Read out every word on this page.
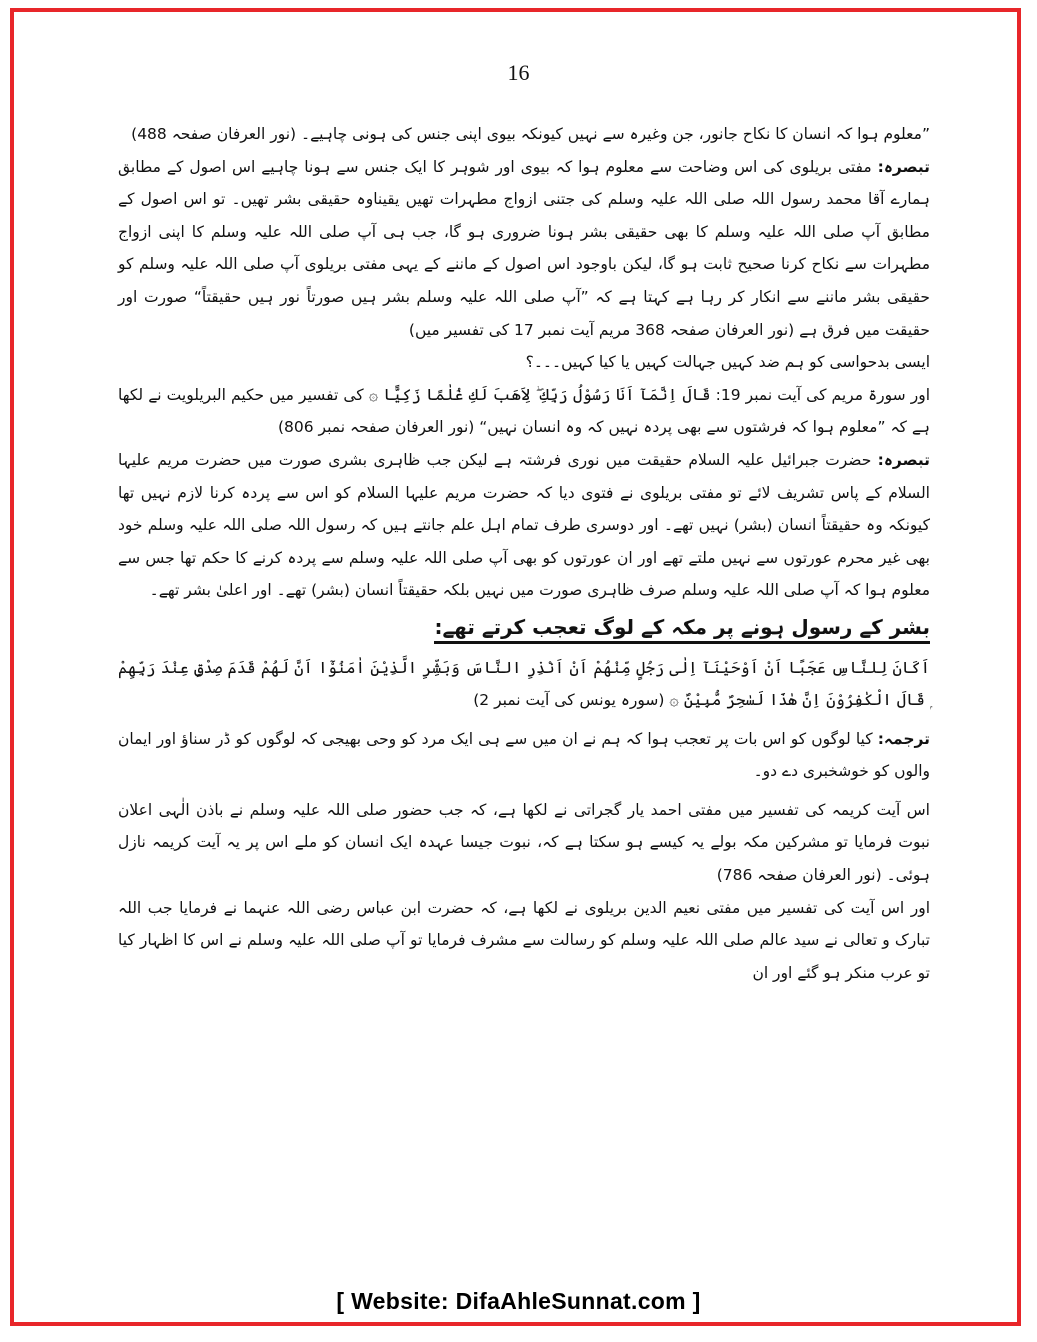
16

”معلوم ہوا کہ انسان کا نکاح جانور، جن وغیرہ سے نہیں کیونکہ بیوی اپنی جنس کی ہونی چاہیے۔ (نور العرفان صفحہ 488)

تبصرہ: مفتی بریلوی کی اس وضاحت سے معلوم ہوا کہ بیوی اور شوہر کا ایک جنس سے ہونا چاہیے اس اصول کے مطابق ہمارے آقا محمد رسول اللہ صلی اللہ علیہ وسلم کی جتنی ازواج مطہرات تھیں یقیناوہ حقیقی بشر تھیں۔ تو اس اصول کے مطابق آپ صلی اللہ علیہ وسلم کا بھی حقیقی بشر ہونا ضروری ہو گا، جب ہی آپ صلی اللہ علیہ وسلم کا اپنی ازواج مطہرات سے نکاح کرنا صحیح ثابت ہو گا، لیکن باوجود اس اصول کے ماننے کے یہی مفتی بریلوی آپ صلی اللہ علیہ وسلم کو حقیقی بشر ماننے سے انکار کر رہا ہے کہتا ہے کہ ”آپ صلی اللہ علیہ وسلم بشر ہیں صورتاً نور ہیں حقیقتاً“ صورت اور حقیقت میں فرق ہے (نور العرفان صفحہ 368 مریم آیت نمبر 17 کی تفسیر میں)

ایسی بدحواسی کو ہم ضد کہیں جہالت کہیں یا کیا کہیں۔۔۔؟

اور سورۃ مریم کی آیت نمبر 19: قَالَ اِنَّمَآ اَنَا رَسُوْلُ رَبِّكِ ۖ لِاَهَبَ لَكِ غُلٰمًا زَكِيًّا ۞ کی تفسیر میں حکیم البریلویت نے لکھا ہے کہ ”معلوم ہوا کہ فرشتوں سے بھی پردہ نہیں کہ وہ انسان نہیں“ (نور العرفان صفحہ نمبر 806)

تبصرہ: حضرت جبرائیل علیہ السلام حقیقت میں نوری فرشتہ ہے لیکن جب ظاہری بشری صورت میں حضرت مریم علیہا السلام کے پاس تشریف لائے تو مفتی بریلوی نے فتوی دیا کہ حضرت مریم علیہا السلام کو اس سے پردہ کرنا لازم نہیں تھا کیونکہ وہ حقیقتاً انسان (بشر) نہیں تھے۔ اور دوسری طرف تمام اہل علم جانتے ہیں کہ رسول اللہ صلی اللہ علیہ وسلم خود بھی غیر محرم عورتوں سے نہیں ملتے تھے اور ان عورتوں کو بھی آپ صلی اللہ علیہ وسلم سے پردہ کرنے کا حکم تھا جس سے معلوم ہوا کہ آپ صلی اللہ علیہ وسلم صرف ظاہری صورت میں نہیں بلکہ حقیقتاً انسان (بشر) تھے۔ اور اعلیٰ بشر تھے۔

بشر کے رسول ہونے پر مکہ کے لوگ تعجب کرتے تھے:

اَكَانَ لِلنَّاسِ عَجَبًا اَنْ اَوْحَيْنَآ اِلٰى رَجُلٍ مِّنْهُمْ اَنْ اَنْذِرِ النَّاسَ وَبَشِّرِ الَّذِيْنَ اٰمَنُوْٓا اَنَّ لَهُمْ قَدَمَ صِدْقٍ عِنْدَ رَبِّهِمْ ۭ قَالَ الْكٰفِرُوْنَ اِنَّ هٰذَا لَسٰحِرٌ مُّبِيْنٌ ۞ (سورہ یونس کی آیت نمبر 2)

ترجمہ: کیا لوگوں کو اس بات پر تعجب ہوا کہ ہم نے ان میں سے ہی ایک مرد کو وحی بھیجی کہ لوگوں کو ڈر سناؤ اور ایمان والوں کو خوشخبری دے دو۔

اس آیت کریمہ کی تفسیر میں مفتی احمد یار گجراتی نے لکھا ہے، کہ جب حضور صلی اللہ علیہ وسلم نے باذن الٰہی اعلان نبوت فرمایا تو مشرکین مکہ بولے یہ کیسے ہو سکتا ہے کہ، نبوت جیسا عہدہ ایک انسان کو ملے اس پر یہ آیت کریمہ نازل ہوئی۔ (نور العرفان صفحہ 786)

اور اس آیت کی تفسیر میں مفتی نعیم الدین بریلوی نے لکھا ہے، کہ حضرت ابن عباس رضی اللہ عنہما نے فرمایا جب اللہ تبارک و تعالی نے سید عالم صلی اللہ علیہ وسلم کو رسالت سے مشرف فرمایا تو آپ صلی اللہ علیہ وسلم نے اس کا اظہار کیا تو عرب منکر ہو گئے اور ان

[ Website: DifaAhleSunnat.com ]
